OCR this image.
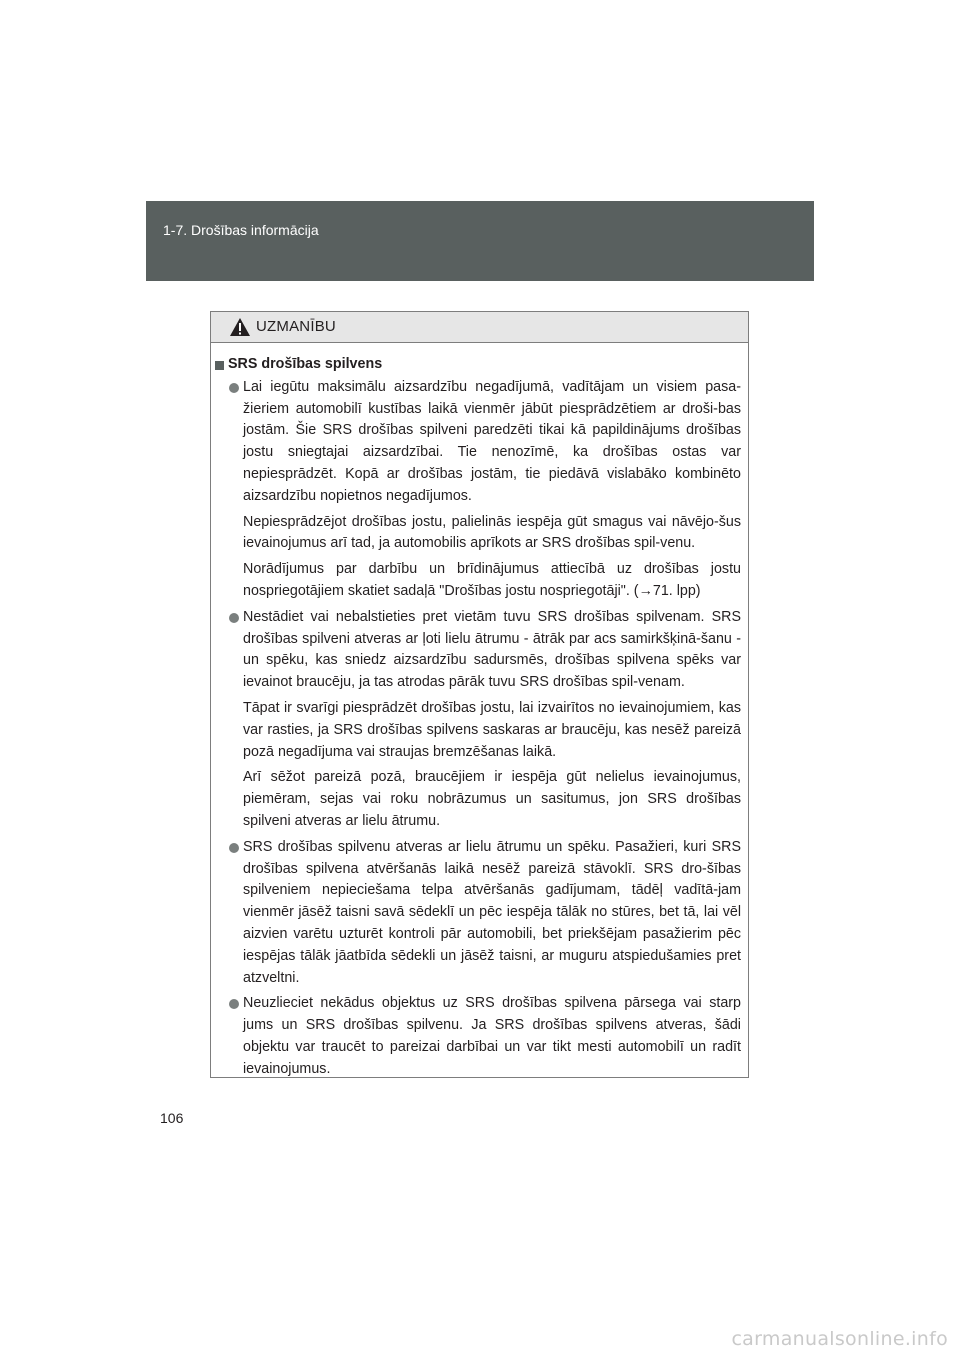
1-7. Drošības informācija
UZMANĪBU
SRS drošības spilvens

Lai iegūtu maksimālu aizsardzību negadījumā, vadītājam un visiem pasa-žieriem automobilī kustības laikā vienmēr jābūt piesprādzētiem ar droši-bas jostām. Šie SRS drošības spilveni paredzēti tikai kā papildinājums drošības jostu sniegtajai aizsardzībai. Tie nenozīmē, ka drošības ostas var nepiesprādzēt. Kopā ar drošības jostām, tie piedāvā vislabāko kombinēto aizsardzību nopietnos negadījumos.

Nepiesprādzējot drošības jostu, palielinās iespēja gūt smagus vai nāvējo-šus ievainojumus arī tad, ja automobilis aprīkots ar SRS drošības spil-venu.

Norādījumus par darbību un brīdinājumus attiecībā uz drošības jostu nospriegotājiem skatiet sadaļā "Drošības jostu nospriegotāji". (→71. lpp)

Nestādiet vai nebalstieties pret vietām tuvu SRS drošības spilvenam. SRS drošības spilveni atveras ar ļoti lielu ātrumu - ātrāk par acs samirkšķinā-šanu - un spēku, kas sniedz aizsardzību sadursmēs, drošības spilvena spēks var ievainot braucēju, ja tas atrodas pārāk tuvu SRS drošības spil-venam.

Tāpat ir svarīgi piesprādzēt drošības jostu, lai izvairītos no ievainojumiem, kas var rasties, ja SRS drošības spilvens saskaras ar braucēju, kas nesēž pareizā pozā negadījuma vai straujas bremzēšanas laikā.

Arī sēžot pareizā pozā, braucējiem ir iespēja gūt nelielus ievainojumus, piemēram, sejas vai roku nobrāzumus un sasitumus, jon SRS drošības spilveni atveras ar lielu ātrumu.

SRS drošības spilvenu atveras ar lielu ātrumu un spēku. Pasažieri, kuri SRS drošības spilvena atvēršanās laikā nesēž pareizā stāvoklī. SRS dro-šības spilveniem nepieciešama telpa atvēršanās gadījumam, tādēļ vadītā-jam vienmēr jāsēž taisni savā sēdeklī un pēc iespēja tālāk no stūres, bet tā, lai vēl aizvien varētu uzturēt kontroli pār automobili, bet priekšējam pasažierim pēc iespējas tālāk jāatbīda sēdekli un jāsēž taisni, ar muguru atspiedušamies pret atzveltni.

Neuzlieciet nekādus objektus uz SRS drošības spilvena pārsega vai starp jums un SRS drošības spilvenu. Ja SRS drošības spilvens atveras, šādi objektu var traucēt to pareizai darbībai un var tikt mesti automobilī un radīt ievainojumus.

106
carmanualsonline.info
